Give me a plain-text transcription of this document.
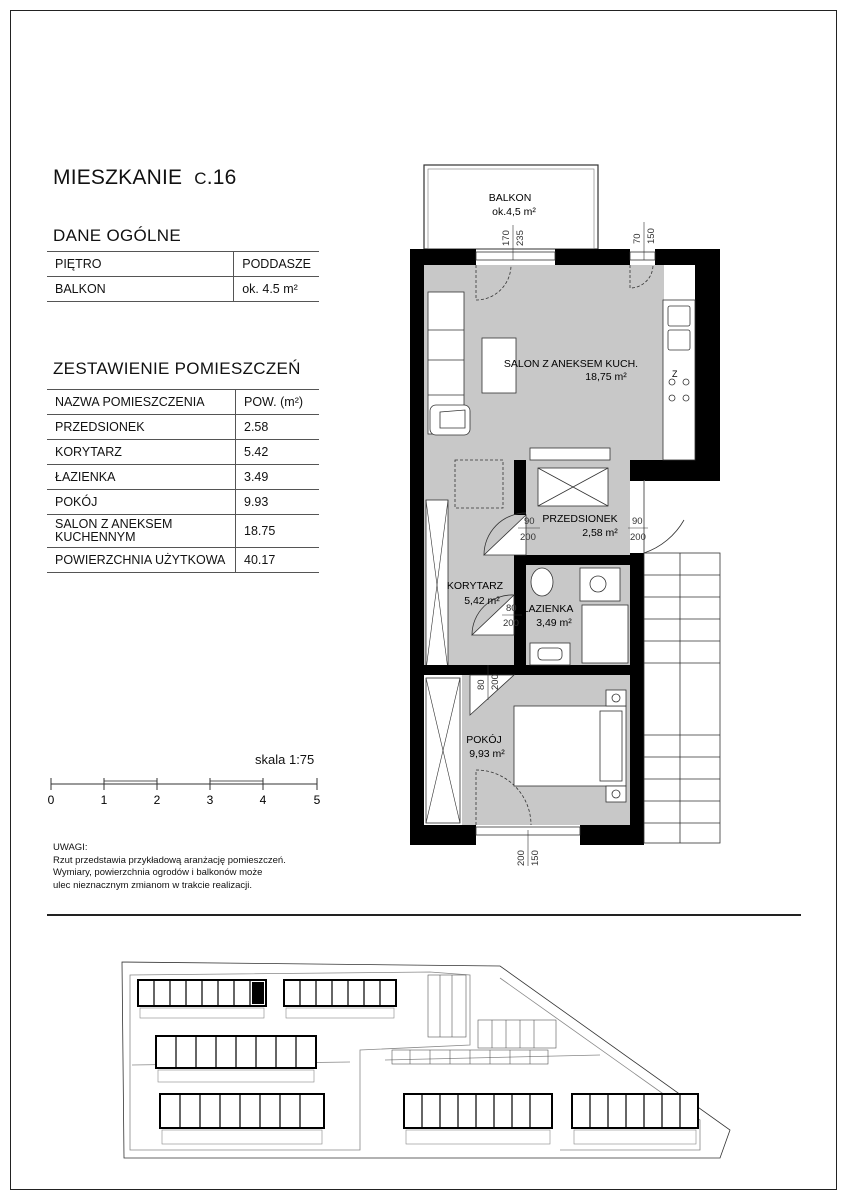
MIESZKANIE C.16
DANE OGÓLNE
PIĘTRO	PODDASZE
BALKON	ok. 4.5 m²
ZESTAWIENIE POMIESZCZEŃ
NAZWA POMIESZCZENIA	POW. (m²)
PRZEDSIONEK	2.58
KORYTARZ	5.42
ŁAZIENKA	3.49
POKÓJ	9.93
SALON Z ANEKSEM
KUCHENNYM	18.75
POWIERZCHNIA UŻYTKOWA	40.17
skala 1:75
0	1	2	3	4	5
UWAGI:
Rzut przedstawia przykładową aranżację pomieszczeń.
Wymiary, powierzchnia ogrodów i balkonów może
ulec nieznacznym zmianom w trakcie realizacji.
Z
BALKON
ok.4,5 m²
SALON Z ANEKSEM KUCH.
18,75 m²
PRZEDSIONEK
2,58 m²
KORYTARZ
5,42 m²
ŁAZIENKA
3,49 m²
POKÓJ
9,93 m²
170 235	70 150
90
200
90
200
80
200
80 200
200 150
